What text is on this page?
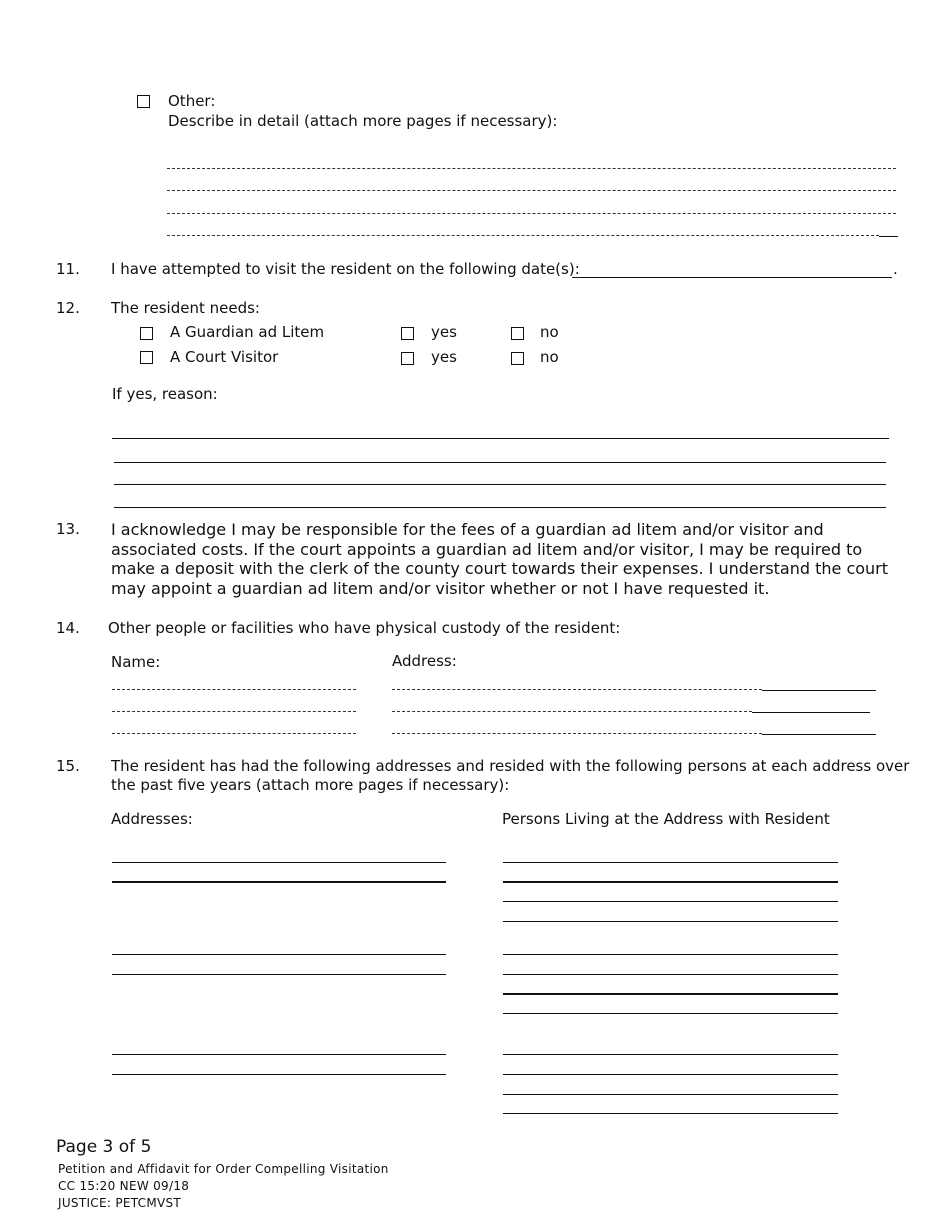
Other:
Describe in detail (attach more pages if necessary):
11. I have attempted to visit the resident on the following date(s):	.
12. The resident needs:
A Guardian ad Litem	yes	no
A Court Visitor	yes	no
If yes, reason:
13. I acknowledge I may be responsible for the fees of a guardian ad litem and/or visitor and associated costs. If the court appoints a guardian ad litem and/or visitor, I may be required to make a deposit with the clerk of the county court towards their expenses. I understand the court may appoint a guardian ad litem and/or visitor whether or not I have requested it.
14. Other people or facilities who have physical custody of the resident:
Name:	Address:
15. The resident has had the following addresses and resided with the following persons at each address over the past five years (attach more pages if necessary):
Addresses:	Persons Living at the Address with Resident
Page 3 of 5
Petition and Affidavit for Order Compelling Visitation
CC 15:20 NEW 09/18
JUSTICE: PETCMVST
